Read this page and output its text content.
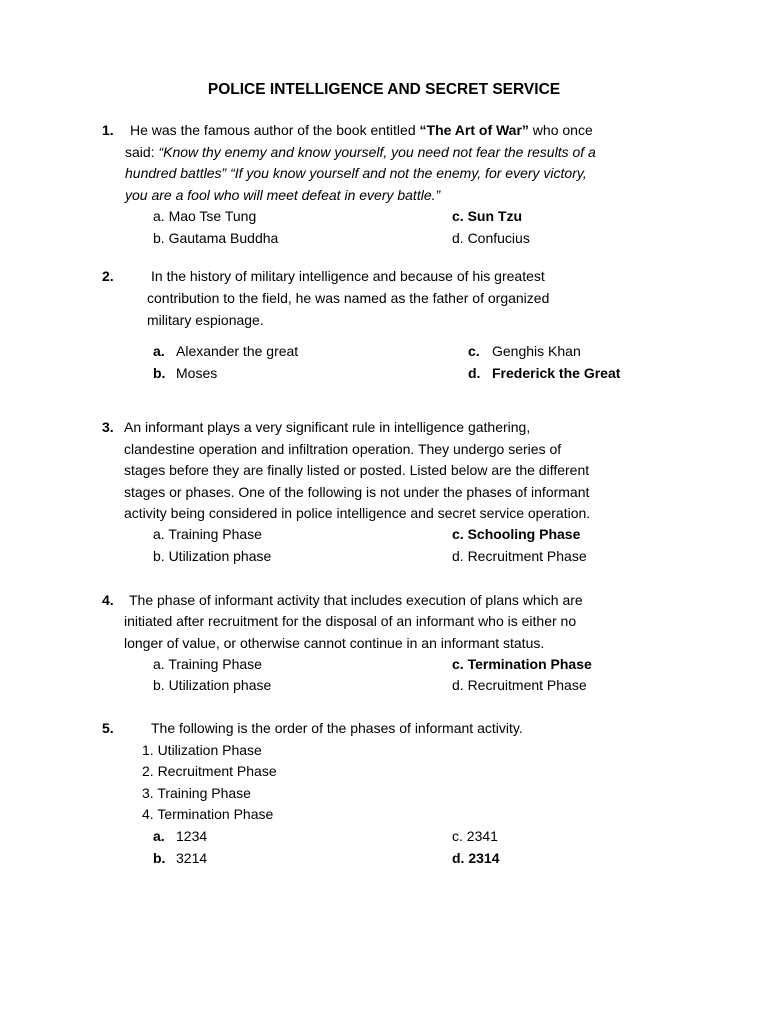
POLICE INTELLIGENCE AND SECRET SERVICE
1. He was the famous author of the book entitled “The Art of War” who once
said: “Know thy enemy and know yourself, you need not fear the results of a
hundred battles” “If you know yourself and not the enemy, for every victory,
you are a fool who will meet defeat in every battle.”
a. Mao Tse Tung
b. Gautama Buddha
c. Sun Tzu
d. Confucius
2.	In the history of military intelligence and because of his greatest
contribution to the field, he was named as the father of organized
military espionage.
a. Alexander the great
b. Moses
c. Genghis Khan
d. Frederick the Great
3. An informant plays a very significant rule in intelligence gathering,
clandestine operation and infiltration operation. They undergo series of
stages before they are finally listed or posted. Listed below are the different
stages or phases. One of the following is not under the phases of informant
activity being considered in police intelligence and secret service operation.
a. Training Phase
b. Utilization phase
c. Schooling Phase
d. Recruitment Phase
4. The phase of informant activity that includes execution of plans which are
initiated after recruitment for the disposal of an informant who is either no
longer of value, or otherwise cannot continue in an informant status.
a. Training Phase
b. Utilization phase
c. Termination Phase
d. Recruitment Phase
5.	The following is the order of the phases of informant activity.
1. Utilization Phase
2. Recruitment Phase
3. Training Phase
4. Termination Phase
a. 1234
b. 3214
c. 2341
d. 2314
